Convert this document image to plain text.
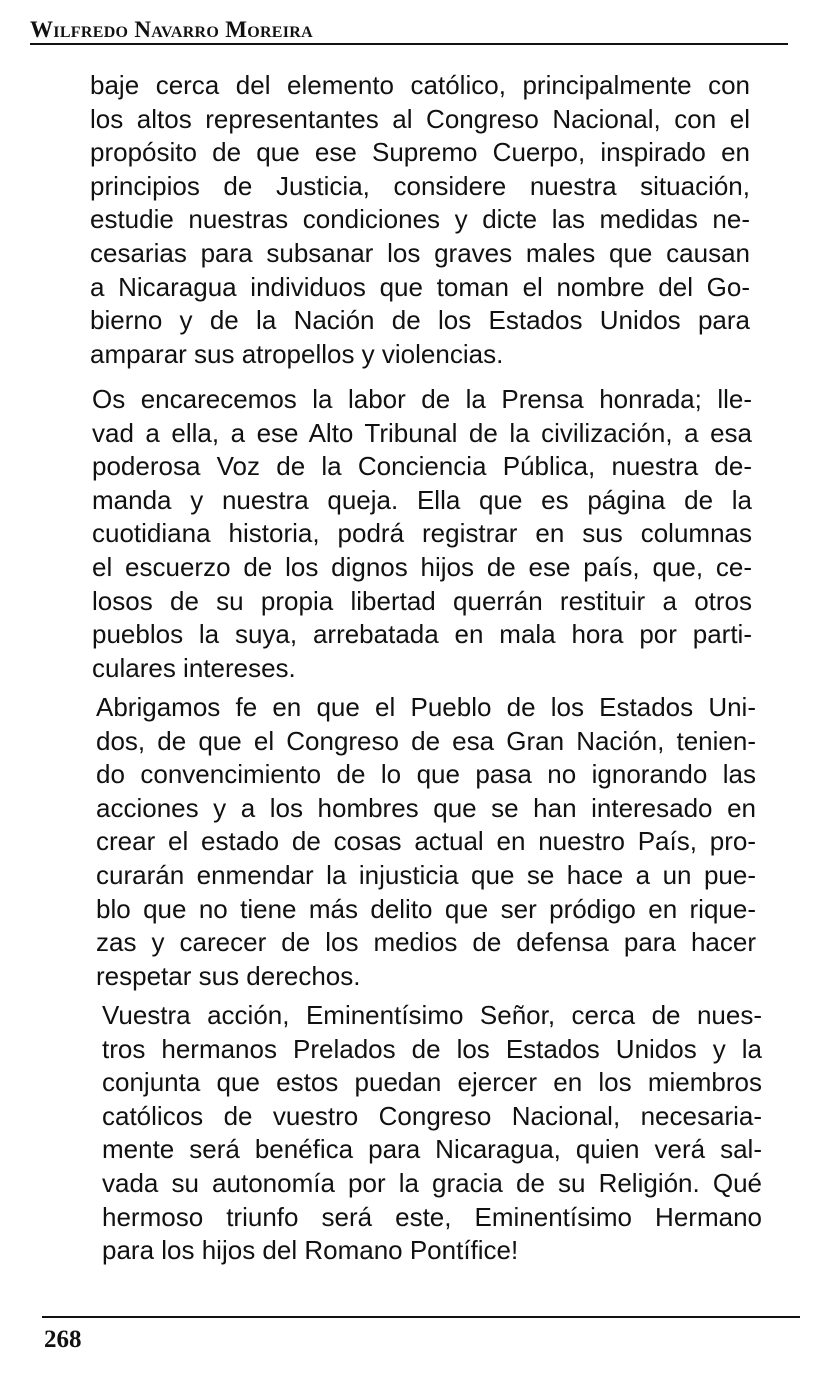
Wilfredo Navarro Moreira
baje cerca del elemento católico, principalmente con
los altos representantes al Congreso Nacional, con el
propósito de que ese Supremo Cuerpo, inspirado en
principios de Justicia, considere nuestra situación,
estudie nuestras condiciones y dicte las medidas ne-
cesarias para subsanar los graves males que causan
a Nicaragua individuos que toman el nombre del Go-
bierno y de la Nación de los Estados Unidos para
amparar sus atropellos y violencias.
Os encarecemos la labor de la Prensa honrada; lle-
vad a ella, a ese Alto Tribunal de la civilización, a esa
poderosa Voz de la Conciencia Pública, nuestra de-
manda y nuestra queja. Ella que es página de la
cuotidiana historia, podrá registrar en sus columnas
el escuerzo de los dignos hijos de ese país, que, ce-
losos de su propia libertad querrán restituir a otros
pueblos la suya, arrebatada en mala hora por parti-
culares intereses.
Abrigamos fe en que el Pueblo de los Estados Uni-
dos, de que el Congreso de esa Gran Nación, tenien-
do convencimiento de lo que pasa no ignorando las
acciones y a los hombres que se han interesado en
crear el estado de cosas actual en nuestro País, pro-
curarán enmendar la injusticia que se hace a un pue-
blo que no tiene más delito que ser pródigo en rique-
zas y carecer de los medios de defensa para hacer
respetar sus derechos.
Vuestra acción, Eminentísimo Señor, cerca de nues-
tros hermanos Prelados de los Estados Unidos y la
conjunta que estos puedan ejercer en los miembros
católicos de vuestro Congreso Nacional, necesaria-
mente será benéfica para Nicaragua, quien verá sal-
vada su autonomía por la gracia de su Religión. Qué
hermoso triunfo será este, Eminentísimo Hermano
para los hijos del Romano Pontífice!
268
